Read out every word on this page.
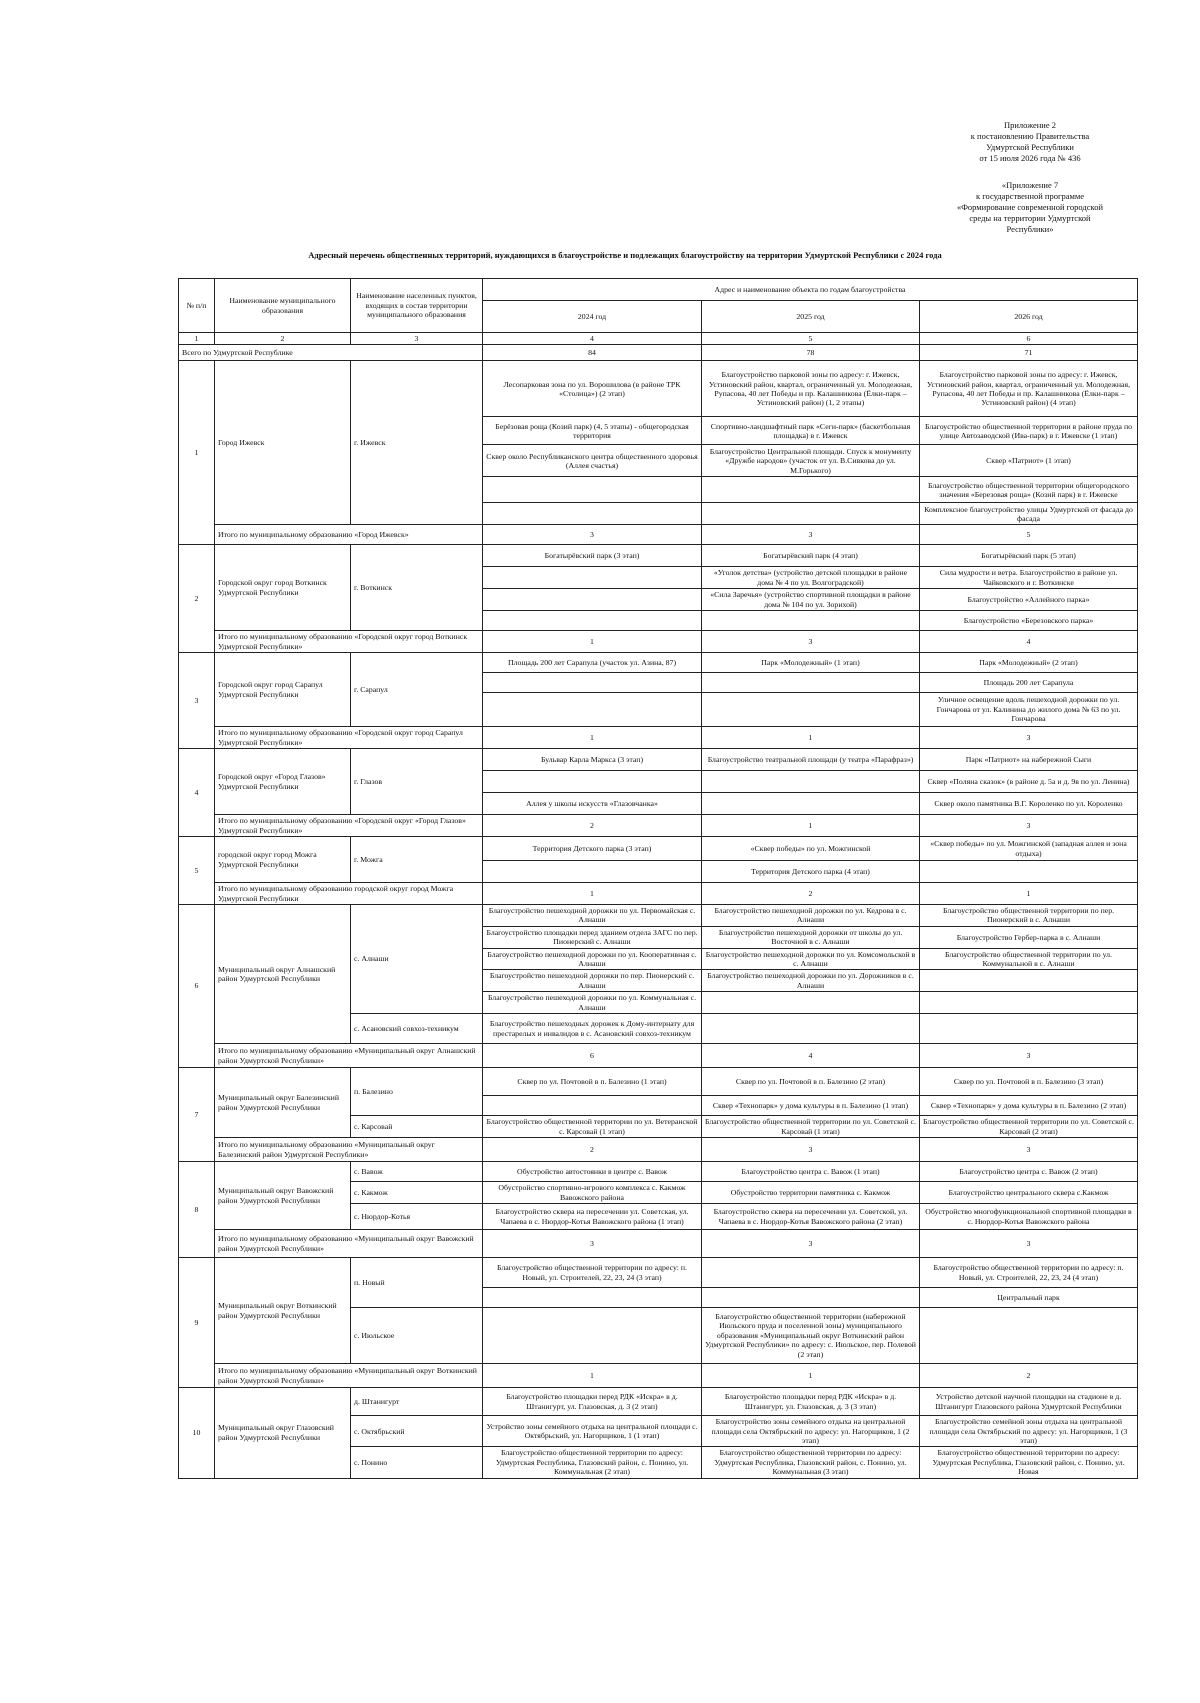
Приложение 2
к постановлению Правительства
Удмуртской Республики
от 15 июля 2026 года № 436
«Приложение 7
к государственной программе
«Формирование современной городской
среды на территории Удмуртской
Республики»
Адресный перечень общественных территорий, нуждающихся в благоустройстве и подлежащих благоустройству на территории Удмуртской Республики с 2024 года
№ п/п	Наименование муниципального образования	Наименование населенных пунктов, входящих в состав территории муниципального образования	Адрес и наименование объекта по годам благоустройства		
			2024 год	2025 год	2026 год
1	2	3	4	5	6
Всего по Удмуртской Республике			84	78	71
1	Город Ижевск	г. Ижевск	Лесопарковая зона по ул. Ворошилова (в районе ТРК «Столица») (2 этап)	Благоустройство парковой зоны по адресу: г. Ижевск, Устиновский район, квартал, ограниченный ул. Молодежная, Рупасова, 40 лет Победы и пр. Калашникова (Ёлки-парк – Устиновский район) (1, 2 этапы)	Благоустройство парковой зоны по адресу: г. Ижевск, Устиновский район, квартал, ограниченный ул. Молодежная, Рупасова, 40 лет Победы и пр. Калашникова (Ёлки-парк – Устиновский район) (4 этап)
			Берёзовая роща (Козий парк) (4, 5 этапы) - общегородская территория	Спортивно-ландшафтный парк «Сеги-парк» (баскетбольная площадка) в г. Ижевск	Благоустройство общественной территории в районе пруда по улице Автозаводской (Ива-парк) в г. Ижевске (1 этап)
			Сквер около Республиканского центра общественного здоровья (Аллея счастья)	Благоустройство Центральной площади. Спуск к монументу «Дружбе народов» (участок от ул. В.Сивкова до ул. М.Горького)	Сквер «Патриот» (1 этап)
					Благоустройство общественной территории общегородского значения «Березовая роща» (Козий парк) в г. Ижевске
					Комплексное благоустройство улицы Удмуртской от фасада до фасада
	Итого по муниципальному образованию «Город Ижевск»		3	3	5
2	Городской округ город Воткинск Удмуртской Республики	г. Воткинск	Богатырёвский парк (3 этап)	Богатырёвский парк (4 этап)	Богатырёвский парк (5 этап)
				«Уголок детства» (устройство детской площадки в районе дома № 4 по ул. Волгоградской)	Сила мудрости и ветра. Благоустройство в районе ул. Чайковского и г. Воткинске
				«Сила Заречья» (устройство спортивной площадки в районе дома № 104 по ул. Зорихой)	Благоустройство «Аллейного парка»
					Благоустройство «Березовского парка»
	Итого по муниципальному образованию «Городской округ город Воткинск Удмуртской Республики»		1	3	4
3	Городской округ город Сарапул Удмуртской Республики	г. Сарапул	Площадь 200 лет Сарапула (участок ул. Азина, 87)	Парк «Молодежный» (1 этап)	Парк «Молодежный» (2 этап)
					Площадь 200 лет Сарапула
					Уличное освещение вдоль пешеходной дорожки по ул. Гончарова от ул. Калинина до жилого дома № 63 по ул. Гончарова
	Итого по муниципальному образованию «Городской округ город Сарапул Удмуртской Республики»		1	1	3
4	Городской округ «Город Глазов» Удмуртской Республики	г. Глазов	Бульвар Карла Маркса (3 этап)	Благоустройство театральной площади (у театра «Парафраз»)	Парк «Патриот» на набережной Сыги
					Сквер «Поляна сказок» (в районе д. 5а и д. 9в по ул. Ленина)
			Аллея у школы искусств «Глазовчанка»		Сквер около памятника В.Г. Короленко по ул. Короленко
	Итого по муниципальному образованию «Городской округ «Город Глазов» Удмуртской Республики»		2	1	3
5	городской округ город Можга Удмуртской Республики	г. Можга	Территория Детского парка (3 этап)	«Сквер победы» по ул. Можгинской	«Сквер победы» по ул. Можгинской (западная аллея и зона отдыха)
				Территория Детского парка (4 этап)	
	Итого по муниципальному образованию городской округ город Можга Удмуртской Республики		1	2	1
6	Муниципальный округ Алнашский район Удмуртской Республики	с. Алнаши	Благоустройство пешеходной дорожки по ул. Первомайская с. Алнаши	Благоустройство пешеходной дорожки по ул. Кедрова в с. Алнаши	Благоустройство общественной территории по пер. Пионерский в с. Алнаши
			Благоустройство площадки перед зданием отдела ЗАГС по пер. Пионерский с. Алнаши	Благоустройство пешеходной дорожки от школы до ул. Восточной в с. Алнаши	Благоустройство Гербер-парка в с. Алнаши
			Благоустройство пешеходной дорожки по ул. Кооперативная с. Алнаши	Благоустройство пешеходной дорожки по ул. Комсомольской в с. Алнаши	Благоустройство общественной территории по ул. Коммунальной в с. Алнаши
			Благоустройство пешеходной дорожки по пер. Пионерский с. Алнаши	Благоустройство пешеходной дорожки по ул. Дорожников в с. Алнаши	
			Благоустройство пешеходной дорожки по ул. Коммунальная с. Алнаши		
		с. Асановский совхоз-техникум	Благоустройство пешеходных дорожек к Дому-интернату для престарелых и инвалидов в с. Асановский совхоз-техникум		
	Итого по муниципальному образованию «Муниципальный округ Алнашский район Удмуртской Республики»		6	4	3
7	Муниципальный округ Балезинский район Удмуртской Республики	п. Балезино	Сквер по ул. Почтовой в п. Балезино (1 этап)	Сквер по ул. Почтовой в п. Балезино (2 этап)	Сквер по ул. Почтовой в п. Балезино (3 этап)
				Сквер «Технопарк» у дома культуры в п. Балезино (1 этап)	Сквер «Технопарк» у дома культуры в п. Балезино (2 этап)
		с. Карсовай	Благоустройство общественной территории по ул. Ветеранской с. Карсовай (1 этап)	Благоустройство общественной территории по ул. Советской с. Карсовай (1 этап)	Благоустройство общественной территории по ул. Советской с. Карсовай (2 этап)
	Итого по муниципальному образованию «Муниципальный округ Балезинский район Удмуртской Республики»		2	3	3
8	Муниципальный округ Вавожский район Удмуртской Республики	с. Вавож	Обустройство автостоянки в центре с. Вавож	Благоустройство центра с. Вавож (1 этап)	Благоустройство центра с. Вавож (2 этап)
		с. Какмож	Обустройство спортивно-игрового комплекса с. Какмож Вавожского района	Обустройство территории памятника с. Какмож	Благоустройство центрального сквера с.Какмож
		с. Нюрдор-Котья	Благоустройство сквера на пересечении ул. Советская, ул. Чапаева в с. Нюрдор-Котья Вавожского района (1 этап)	Благоустройство сквера на пересечении ул. Советской, ул. Чапаева в с. Нюрдор-Котья Вавожского района (2 этап)	Обустройство многофункциональной спортивной площадки в с. Нюрдор-Котья Вавожского района
	Итого по муниципальному образованию «Муниципальный округ Вавожский район Удмуртской Республики»		3	3	3
9	Муниципальный округ Воткинский район Удмуртской Республики	п. Новый	Благоустройство общественной территории по адресу: п. Новый, ул. Строителей, 22, 23, 24 (3 этап)		Благоустройство общественной территории по адресу: п. Новый, ул. Строителей, 22, 23, 24 (4 этап)
					Центральный парк
		с. Июльское		Благоустройство общественной территории (набережной Июльского пруда и поселенной зоны) муниципального образования «Муниципальный округ Воткинский район Удмуртской Республики» по адресу: с. Июльское, пер. Полевой (2 этап)	
	Итого по муниципальному образованию «Муниципальный округ Воткинский район Удмуртской Республики»		1	1	2
10	Муниципальный округ Глазовский район Удмуртской Республики	д. Штанигурт	Благоустройство площадки перед РДК «Искра» в д. Штанигурт, ул. Глазовская, д. 3 (2 этап)	Благоустройство площадки перед РДК «Искра» в д. Штанигурт, ул. Глазовская, д. 3 (3 этап)	Устройство детской научной площадки на стадионе в д. Штанигурт Глазовского района Удмуртской Республики
		с. Октябрьский	Устройство зоны семейного отдыха на центральной площади с. Октябрьский, ул. Нагорщиков, 1 (1 этап)	Благоустройство зоны семейного отдыха на центральной площади села Октябрьский по адресу: ул. Нагорщиков, 1 (2 этап)	Благоустройство семейной зоны отдыха на центральной площади села Октябрьский по адресу: ул. Нагорщиков, 1 (3 этап)
		с. Понино	Благоустройство общественной территории по адресу: Удмуртская Республика, Глазовский район, с. Понино, ул. Коммунальная (2 этап)	Благоустройство общественной территории по адресу: Удмуртская Республика, Глазовский район, с. Понино, ул. Коммунальная (3 этап)	Благоустройство общественной территории по адресу: Удмуртская Республика, Глазовский район, с. Понино, ул. Новая
